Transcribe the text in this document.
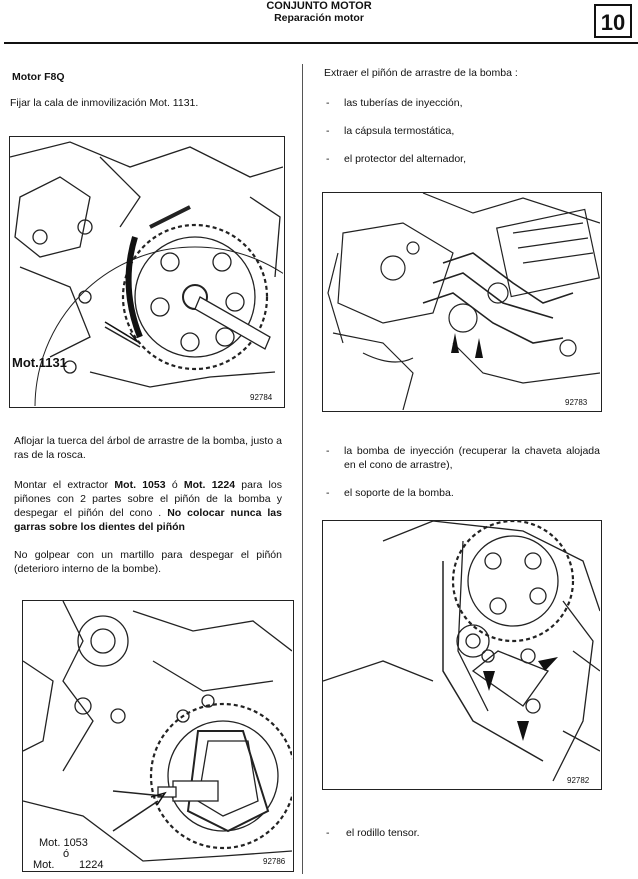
CONJUNTO MOTOR
Reparación motor	10
Motor F8Q
Fijar la cala de inmovilización Mot. 1131.
Mot.1131
92784
Aflojar la tuerca del árbol de arrastre de la bomba, justo a ras de la rosca.
Montar el extractor Mot. 1053 ó Mot. 1224 para los piñones con 2 partes sobre el piñón de la bomba y despegar el piñón del cono . No colocar nunca las garras sobre los dientes del piñón
No golpear con un martillo para despegar el piñón (deterioro interno de la bombe).
Mot. 1053
ó
Mot. 1224	92786
Extraer el piñón de arrastre de la bomba :
- las tuberías de inyección,
- la cápsula termostática,
- el protector del alternador,
92783
- la bomba de inyección (recuperar la chaveta alojada en el cono de arrastre),
- el soporte de la bomba.
92782
- el rodillo tensor.
